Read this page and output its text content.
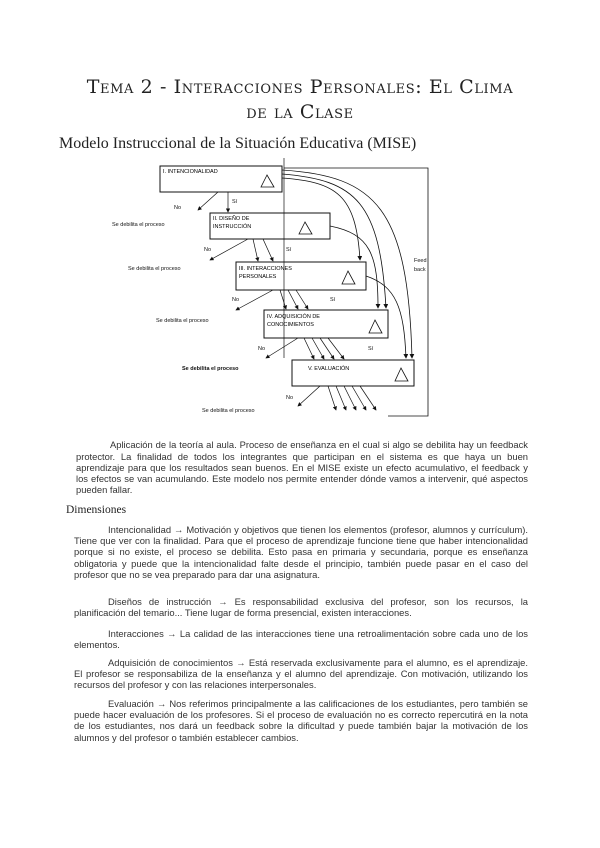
Tema 2 - Interacciones Personales: El Clima
de la Clase
Modelo Instruccional de la Situación Educativa (MISE)
I. INTENCIONALIDAD
II. DISEÑO DE
INSTRUCCIÓN
III. INTERACCIONES
PERSONALES
IV. ADQUISICIÓN DE
CONOCIMIENTOS
V. EVALUACIÓN
No
Sí
Se debilita el proceso
No	Sí
Se debilita el proceso
No	Sí
Se debilita el proceso
No	Sí
Se debilita el proceso
No
Se debilita el proceso
Feed
back

Aplicación de la teoría al aula. Proceso de enseñanza en el cual si algo se debilita hay un feedback protector. La finalidad de todos los integrantes que participan en el sistema es que haya un buen aprendizaje para que los resultados sean buenos. En el MISE existe un efecto acumulativo, el feedback y los efectos se van acumulando. Este modelo nos permite entender dónde vamos a intervenir, qué aspectos pueden fallar.

Dimensiones

Intencionalidad → Motivación y objetivos que tienen los elementos (profesor, alumnos y currículum). Tiene que ver con la finalidad. Para que el proceso de aprendizaje funcione tiene que haber intencionalidad porque si no existe, el proceso se debilita. Esto pasa en primaria y secundaria, porque es enseñanza obligatoria y puede que la intencionalidad falte desde el principio, también puede pasar en el caso del profesor que no se vea preparado para dar una asignatura.

Diseños de instrucción → Es responsabilidad exclusiva del profesor, son los recursos, la planificación del temario... Tiene lugar de forma presencial, existen interacciones.

Interacciones → La calidad de las interacciones tiene una retroalimentación sobre cada uno de los elementos.

Adquisición de conocimientos → Está reservada exclusivamente para el alumno, es el aprendizaje. El profesor se responsabiliza de la enseñanza y el alumno del aprendizaje. Con motivación, utilizando los recursos del profesor y con las relaciones interpersonales.

Evaluación → Nos referimos principalmente a las calificaciones de los estudiantes, pero también se puede hacer evaluación de los profesores. Si el proceso de evaluación no es correcto repercutirá en la nota de los estudiantes, nos dará un feedback sobre la dificultad y puede también bajar la motivación de los alumnos y del profesor o también establecer cambios.
